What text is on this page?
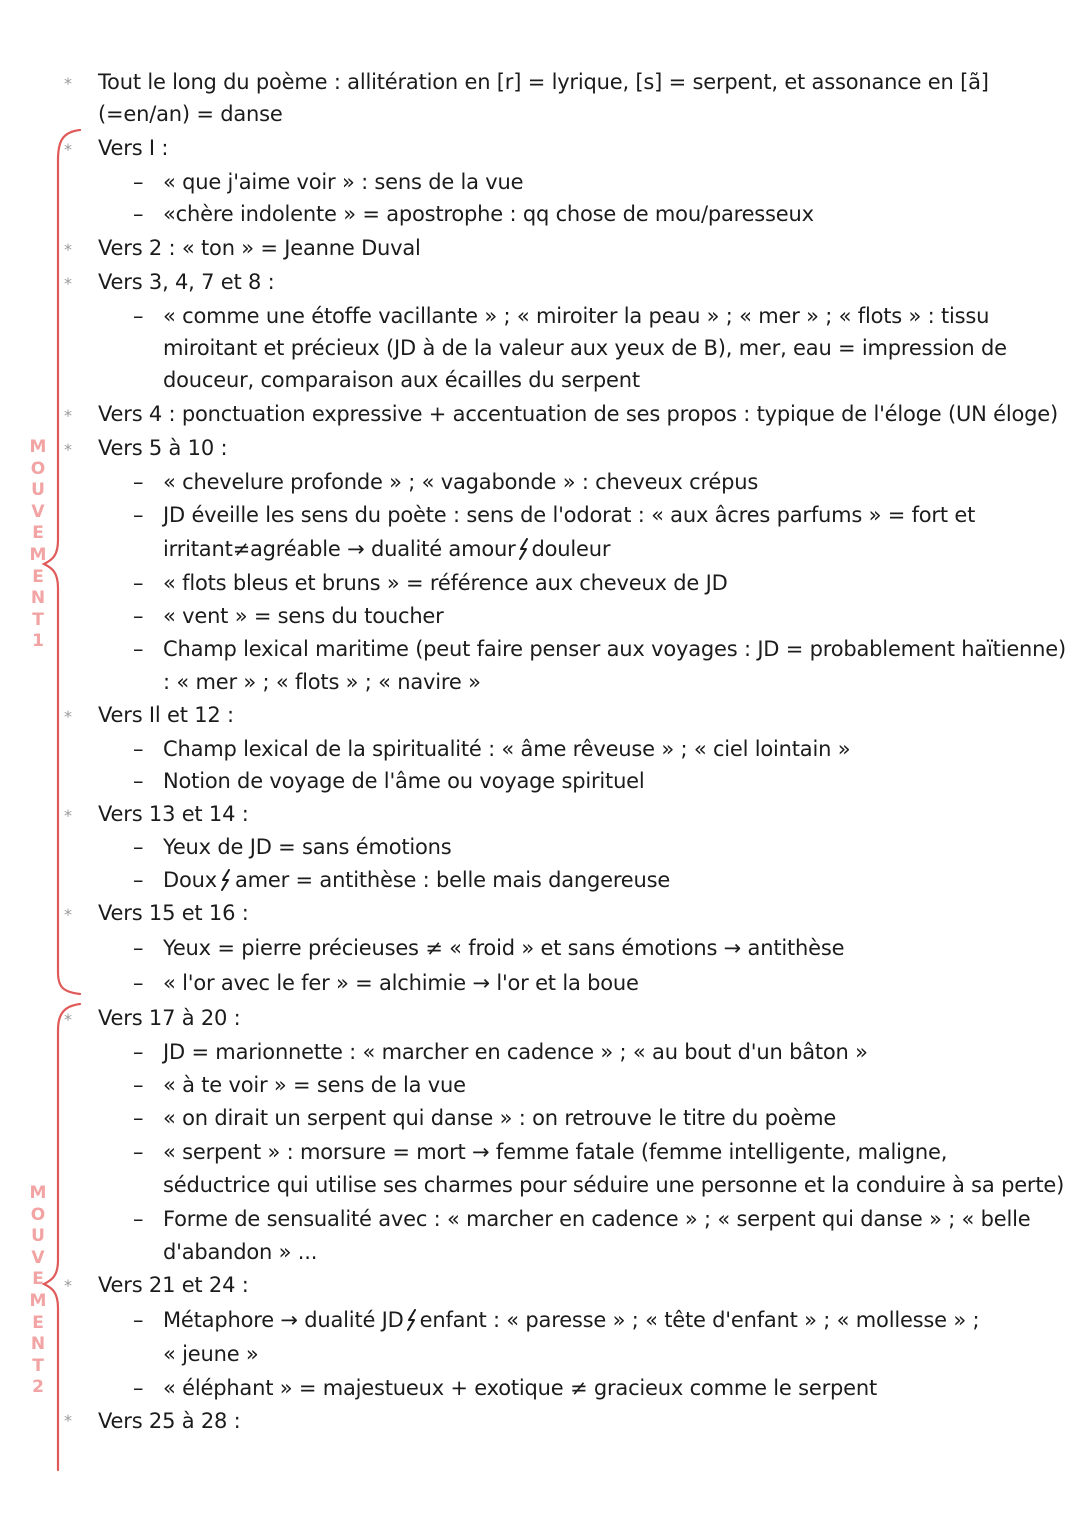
M
O
U
V
E
M
E
N
T
1
M
O
U
V
E
M
E
N
T
2
*
*
*
*
*
*
*
*
*
*
*
*
Tout le long du poème : allitération en [r] = lyrique, [s] = serpent, et assonance en [ã]
(=en/an) = danse
Vers I :
– « que j'aime voir » : sens de la vue
– «chère indolente » = apostrophe : qq chose de mou/paresseux
Vers 2 : « ton » = Jeanne Duval
Vers 3, 4, 7 et 8 :
– « comme une étoffe vacillante » ; « miroiter la peau » ; « mer » ; « flots » : tissu
miroitant et précieux (JD à de la valeur aux yeux de B), mer, eau = impression de
douceur, comparaison aux écailles du serpent
Vers 4 : ponctuation expressive + accentuation de ses propos : typique de l'éloge (UN éloge)
Vers 5 à 10 :
– « chevelure profonde » ; « vagabonde » : cheveux crépus
– JD éveille les sens du poète : sens de l'odorat : « aux âcres parfums » = fort et
irritant≠agréable → dualité amour douleur
– « flots bleus et bruns » = référence aux cheveux de JD
– « vent » = sens du toucher
– Champ lexical maritime (peut faire penser aux voyages : JD = probablement haïtienne)
: « mer » ; « flots » ; « navire »
Vers Il et 12 :
– Champ lexical de la spiritualité : « âme rêveuse » ; « ciel lointain »
– Notion de voyage de l'âme ou voyage spirituel
Vers 13 et 14 :
– Yeux de JD = sans émotions
– Doux amer = antithèse : belle mais dangereuse
Vers 15 et 16 :
– Yeux = pierre précieuses ≠ « froid » et sans émotions → antithèse
– « l'or avec le fer » = alchimie → l'or et la boue
Vers 17 à 20 :
– JD = marionnette : « marcher en cadence » ; « au bout d'un bâton »
– « à te voir » = sens de la vue
– « on dirait un serpent qui danse » : on retrouve le titre du poème
– « serpent » : morsure = mort → femme fatale (femme intelligente, maligne,
séductrice qui utilise ses charmes pour séduire une personne et la conduire à sa perte)
– Forme de sensualité avec : « marcher en cadence » ; « serpent qui danse » ; « belle
d'abandon » ...
Vers 21 et 24 :
– Métaphore → dualité JD enfant : « paresse » ; « tête d'enfant » ; « mollesse » ;
« jeune »
– « éléphant » = majestueux + exotique ≠ gracieux comme le serpent
Vers 25 à 28 :
